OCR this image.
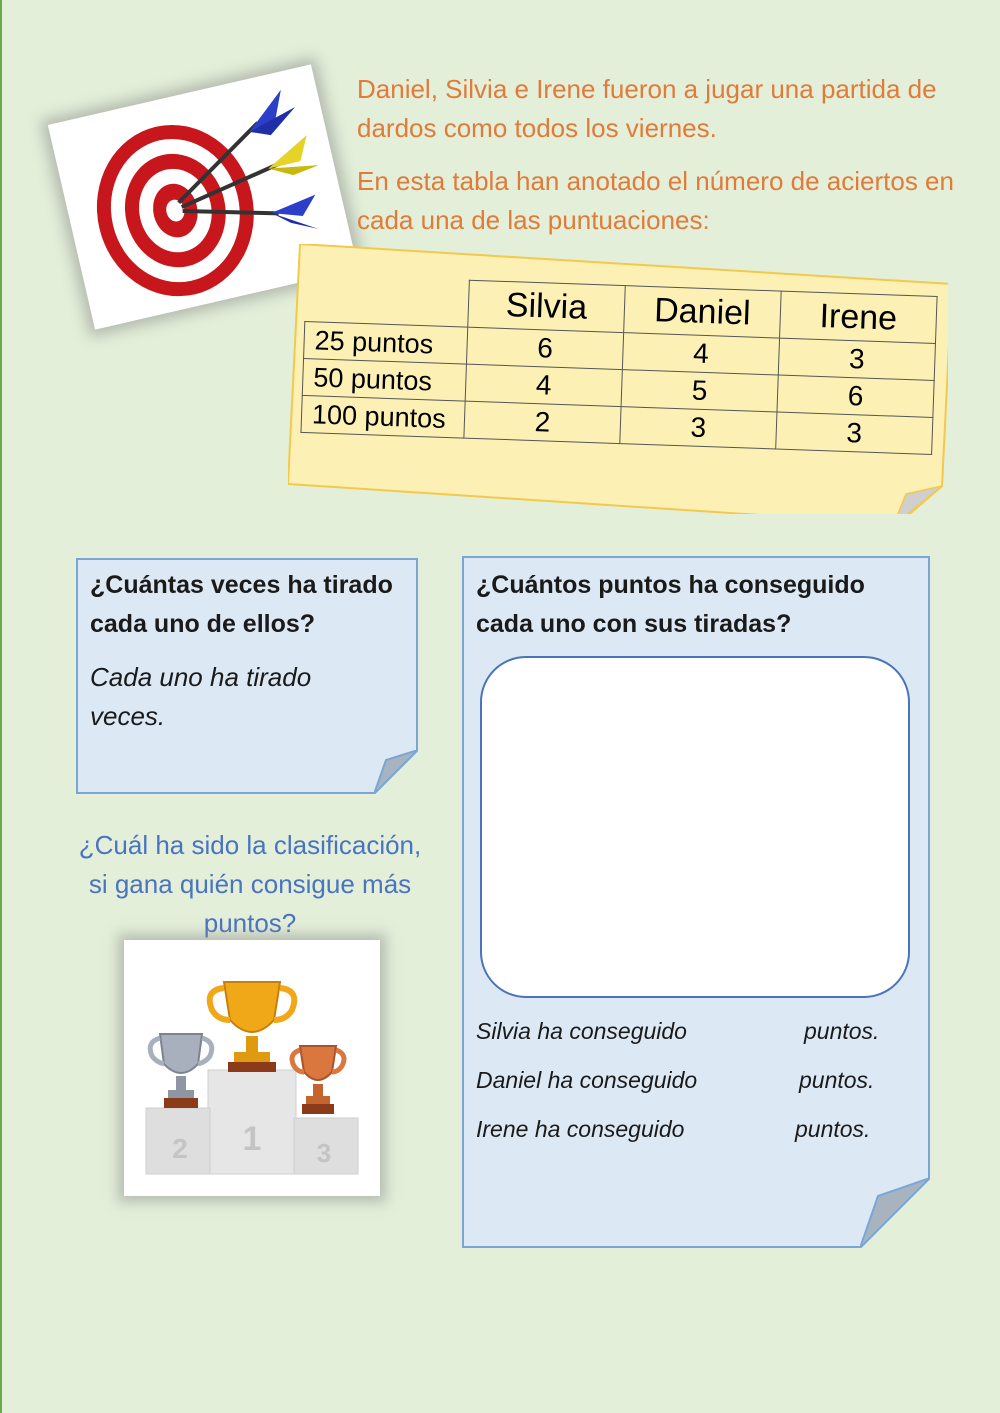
Daniel, Silvia e Irene fueron a jugar una partida de dardos como todos los viernes.

En esta tabla han anotado el número de aciertos en cada una de las puntuaciones:

	Silvia	Daniel	Irene
25 puntos	6	4	3
50 puntos	4	5	6
100 puntos	2	3	3

¿Cuántas veces ha tirado cada uno de ellos?

Cada uno ha tirado

veces.

¿Cuántos puntos ha conseguido cada uno con sus tiradas?

Silvia ha conseguido	puntos.

Daniel ha conseguido	puntos.

Irene ha conseguido	puntos.

¿Cuál ha sido la clasificación, si gana quién consigue más puntos?

1
2	3
